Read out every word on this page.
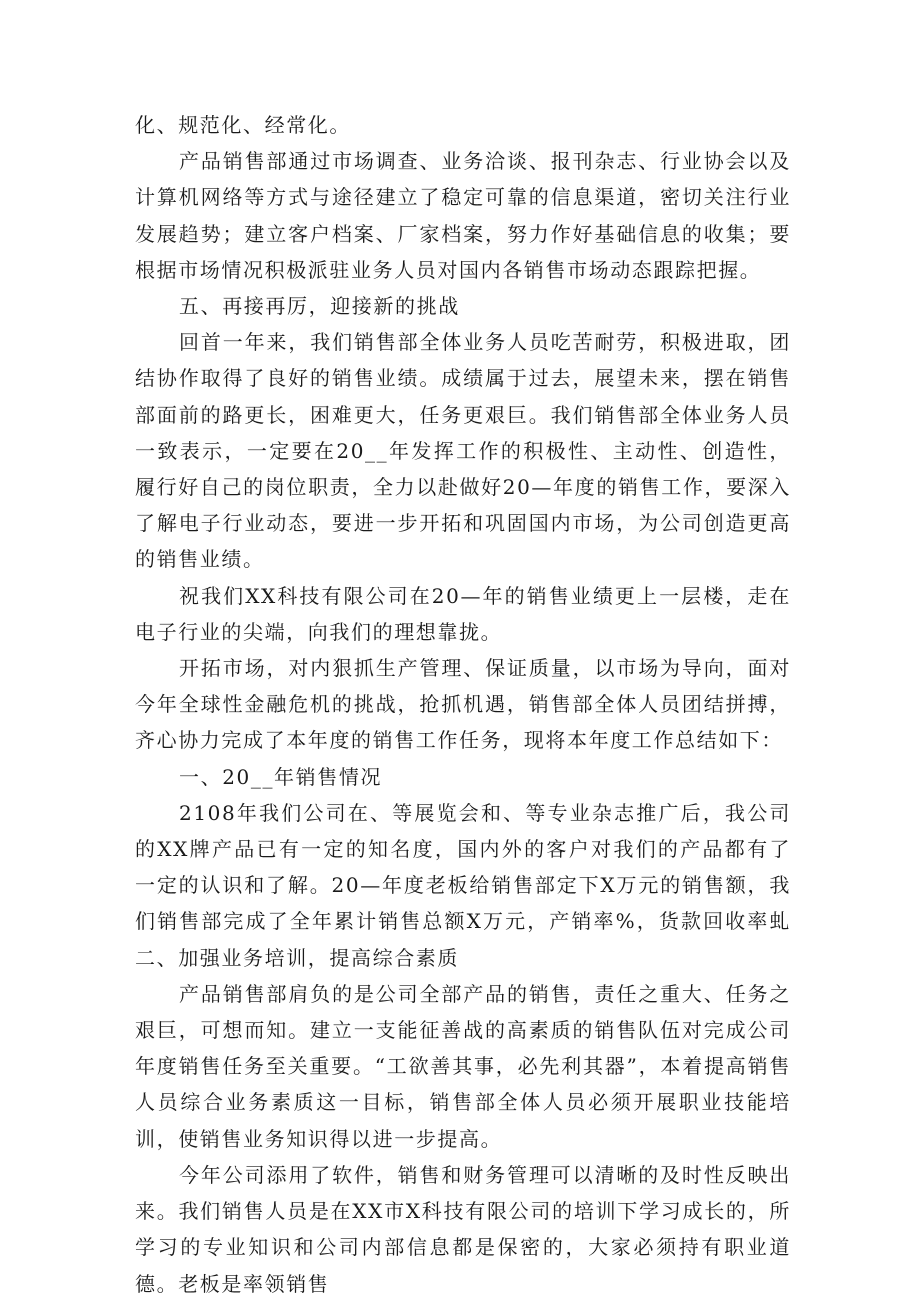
化、规范化、经常化。

产品销售部通过市场调查、业务洽谈、报刊杂志、行业协会以及计算机网络等方式与途径建立了稳定可靠的信息渠道，密切关注行业发展趋势；建立客户档案、厂家档案，努力作好基础信息的收集；要根据市场情况积极派驻业务人员对国内各销售市场动态跟踪把握。

五、再接再厉，迎接新的挑战

回首一年来，我们销售部全体业务人员吃苦耐劳，积极进取，团结协作取得了良好的销售业绩。成绩属于过去，展望未来，摆在销售部面前的路更长，困难更大，任务更艰巨。我们销售部全体业务人员一致表示，一定要在20__年发挥工作的积极性、主动性、创造性，履行好自己的岗位职责，全力以赴做好20—年度的销售工作，要深入了解电子行业动态，要进一步开拓和巩固国内市场，为公司创造更高的销售业绩。

祝我们XX科技有限公司在20—年的销售业绩更上一层楼，走在电子行业的尖端，向我们的理想靠拢。

开拓市场，对内狠抓生产管理、保证质量，以市场为导向，面对今年全球性金融危机的挑战，抢抓机遇，销售部全体人员团结拼搏，齐心协力完成了本年度的销售工作任务，现将本年度工作总结如下：

一、20__年销售情况

2108年我们公司在、等展览会和、等专业杂志推广后，我公司的XX牌产品已有一定的知名度，国内外的客户对我们的产品都有了一定的认识和了解。20—年度老板给销售部定下X万元的销售额，我们销售部完成了全年累计销售总额X万元，产销率%，货款回收率虬二、加强业务培训，提高综合素质

产品销售部肩负的是公司全部产品的销售，责任之重大、任务之艰巨，可想而知。建立一支能征善战的高素质的销售队伍对完成公司年度销售任务至关重要。“工欲善其事，必先利其器”，本着提高销售人员综合业务素质这一目标，销售部全体人员必须开展职业技能培训，使销售业务知识得以进一步提高。

今年公司添用了软件，销售和财务管理可以清晰的及时性反映出来。我们销售人员是在XX市X科技有限公司的培训下学习成长的，所学习的专业知识和公司内部信息都是保密的，大家必须持有职业道德。老板是率领销售
